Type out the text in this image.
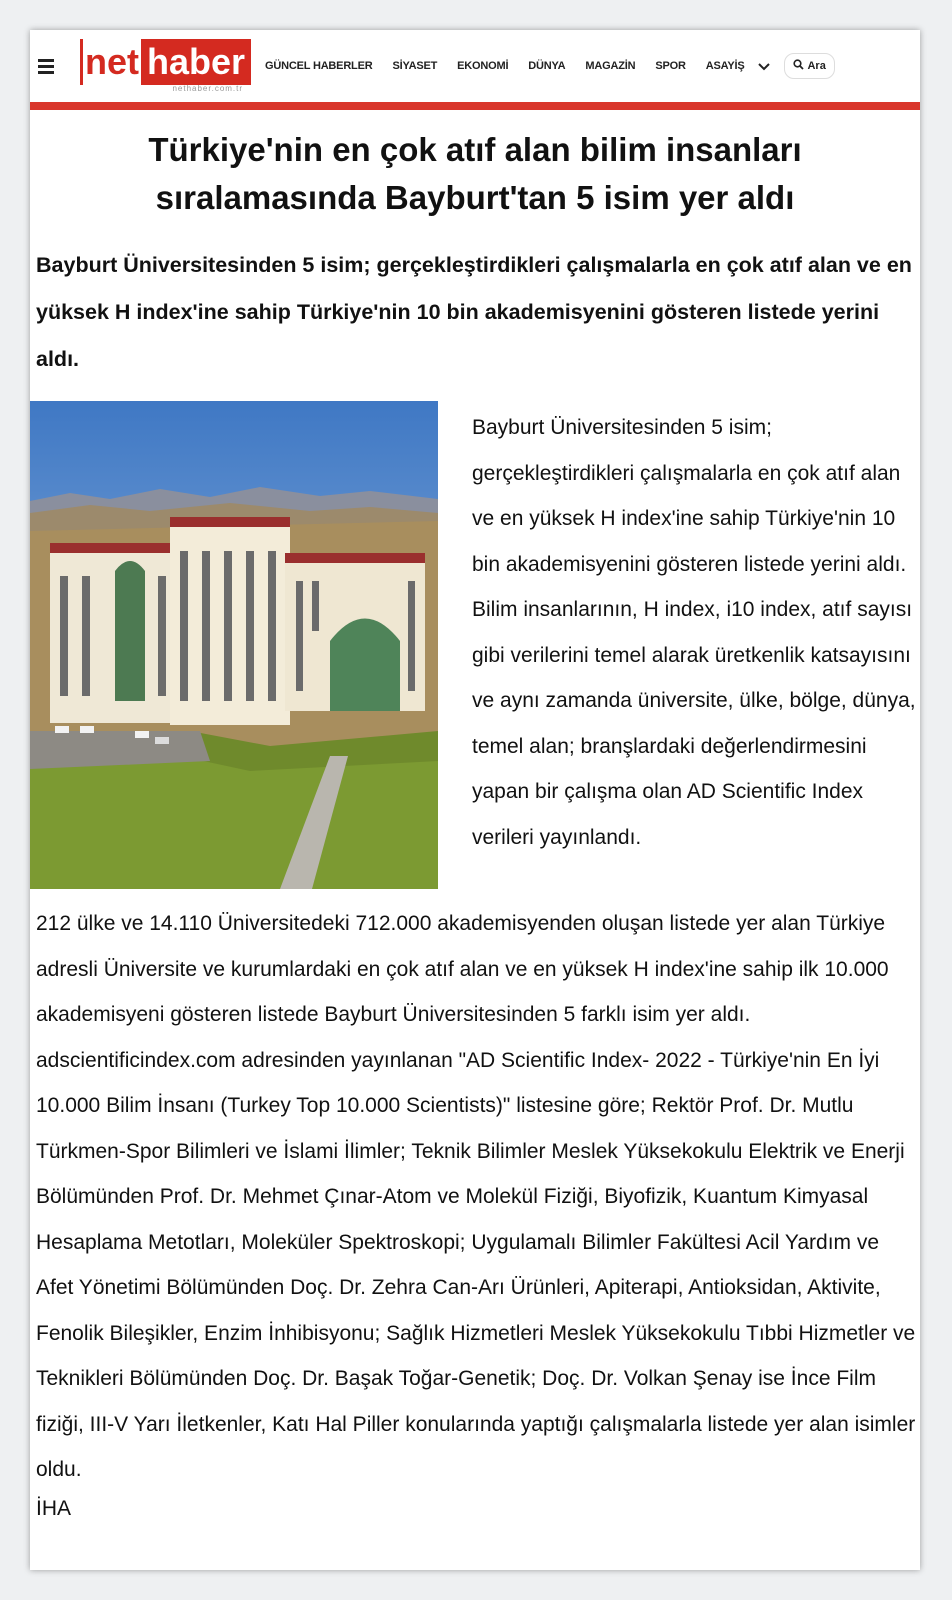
net haber
nethaber.com.tr
GÜNCEL HABERLER SİYASET EKONOMİ DÜNYA MAGAZİN SPOR ASAYİŞ	Ara
Türkiye'nin en çok atıf alan bilim insanları sıralamasında Bayburt'tan 5 isim yer aldı
Bayburt Üniversitesinden 5 isim; gerçekleştirdikleri çalışmalarla en çok atıf alan ve en yüksek H index'ine sahip Türkiye'nin 10 bin akademisyenini gösteren listede yerini aldı.
Bayburt Üniversitesinden 5 isim; gerçekleştirdikleri çalışmalarla en çok atıf alan ve en yüksek H index'ine sahip Türkiye'nin 10 bin akademisyenini gösteren listede yerini aldı.
Bilim insanlarının, H index, i10 index, atıf sayısı gibi verilerini temel alarak üretkenlik katsayısını ve aynı zamanda üniversite, ülke, bölge, dünya, temel alan; branşlardaki değerlendirmesini yapan bir çalışma olan AD Scientific Index verileri yayınlandı.
212 ülke ve 14.110 Üniversitedeki 712.000 akademisyenden oluşan listede yer alan Türkiye adresli Üniversite ve kurumlardaki en çok atıf alan ve en yüksek H index'ine sahip ilk 10.000 akademisyeni gösteren listede Bayburt Üniversitesinden 5 farklı isim yer aldı. adscientificindex.com adresinden yayınlanan "AD Scientific Index- 2022 - Türkiye'nin En İyi 10.000 Bilim İnsanı (Turkey Top 10.000 Scientists)" listesine göre; Rektör Prof. Dr. Mutlu Türkmen-Spor Bilimleri ve İslami İlimler; Teknik Bilimler Meslek Yüksekokulu Elektrik ve Enerji Bölümünden Prof. Dr. Mehmet Çınar-Atom ve Molekül Fiziği, Biyofizik, Kuantum Kimyasal Hesaplama Metotları, Moleküler Spektroskopi; Uygulamalı Bilimler Fakültesi Acil Yardım ve Afet Yönetimi Bölümünden Doç. Dr. Zehra Can-Arı Ürünleri, Apiterapi, Antioksidan, Aktivite, Fenolik Bileşikler, Enzim İnhibisyonu; Sağlık Hizmetleri Meslek Yüksekokulu Tıbbi Hizmetler ve Teknikleri Bölümünden Doç. Dr. Başak Toğar-Genetik; Doç. Dr. Volkan Şenay ise İnce Film fiziği, III-V Yarı İletkenler, Katı Hal Piller konularında yaptığı çalışmalarla listede yer alan isimler oldu.
İHA
